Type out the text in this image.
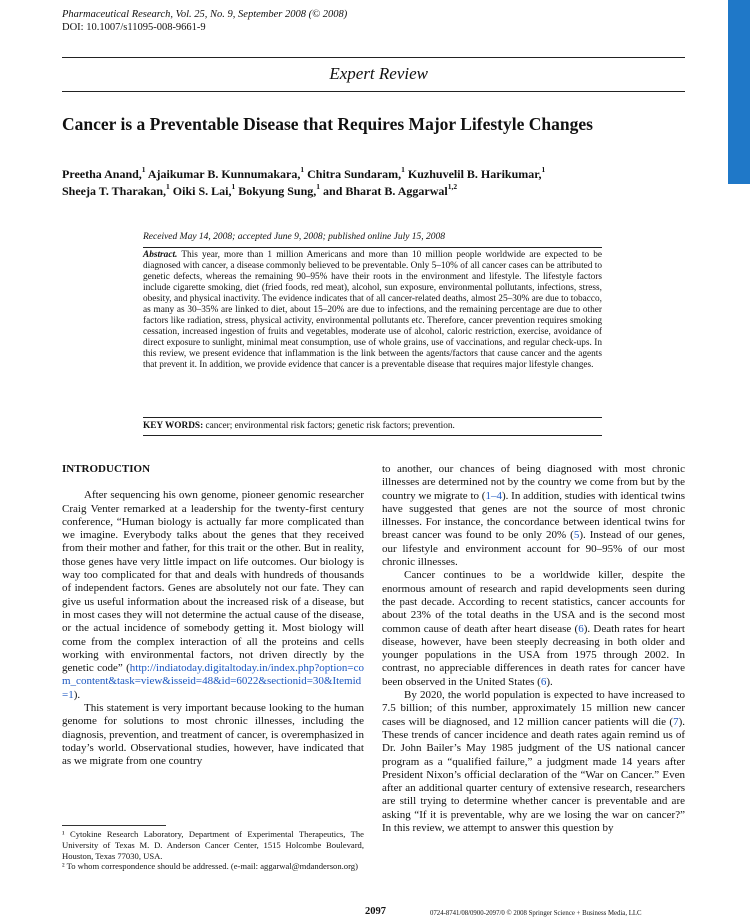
Pharmaceutical Research, Vol. 25, No. 9, September 2008 (© 2008)
DOI: 10.1007/s11095-008-9661-9
Expert Review
Cancer is a Preventable Disease that Requires Major Lifestyle Changes
Preetha Anand,$^1$ Ajaikumar B. Kunnumakara,$^1$ Chitra Sundaram,$^1$ Kuzhuvelil B. Harikumar,$^1$
Sheeja T. Tharakan,$^1$ Oiki S. Lai,$^1$ Bokyung Sung,$^1$ and Bharat B. Aggarwal$^{1,2}$
Received May 14, 2008; accepted June 9, 2008; published online July 15, 2008

Abstract. This year, more than 1 million Americans and more than 10 million people worldwide are expected to be diagnosed with cancer, a disease commonly believed to be preventable. Only 5–10% of all cancer cases can be attributed to genetic defects, whereas the remaining 90–95% have their roots in the environment and lifestyle. The lifestyle factors include cigarette smoking, diet (fried foods, red meat), alcohol, sun exposure, environmental pollutants, infections, stress, obesity, and physical inactivity. The evidence indicates that of all cancer-related deaths, almost 25–30% are due to tobacco, as many as 30–35% are linked to diet, about 15–20% are due to infections, and the remaining percentage are due to other factors like radiation, stress, physical activity, environmental pollutants etc. Therefore, cancer prevention requires smoking cessation, increased ingestion of fruits and vegetables, moderate use of alcohol, caloric restriction, exercise, avoidance of direct exposure to sunlight, minimal meat consumption, use of whole grains, use of vaccinations, and regular check-ups. In this review, we present evidence that inflammation is the link between the agents/factors that cause cancer and the agents that prevent it. In addition, we provide evidence that cancer is a preventable disease that requires major lifestyle changes.

KEY WORDS: cancer; environmental risk factors; genetic risk factors; prevention.
INTRODUCTION

After sequencing his own genome, pioneer genomic researcher Craig Venter remarked at a leadership for the twenty-first century conference, “Human biology is actually far more complicated than we imagine. Everybody talks about the genes that they received from their mother and father, for this trait or the other. But in reality, those genes have very little impact on life outcomes. Our biology is way too complicated for that and deals with hundreds of thousands of independent factors. Genes are absolutely not our fate. They can give us useful information about the increased risk of a disease, but in most cases they will not determine the actual cause of the disease, or the actual incidence of somebody getting it. Most biology will come from the complex interaction of all the proteins and cells working with environmental factors, not driven directly by the genetic code” (http://indiatoday.digitaltoday.in/index.php?option=com_content&task=view&isseid=48&id=6022&sectionid=30&Itemid=1).

This statement is very important because looking to the human genome for solutions to most chronic illnesses, including the diagnosis, prevention, and treatment of cancer, is overemphasized in today’s world. Observational studies, however, have indicated that as we migrate from one country

to another, our chances of being diagnosed with most chronic illnesses are determined not by the country we come from but by the country we migrate to (1–4). In addition, studies with identical twins have suggested that genes are not the source of most chronic illnesses. For instance, the concordance between identical twins for breast cancer was found to be only 20% (5). Instead of our genes, our lifestyle and environment account for 90–95% of our most chronic illnesses.

Cancer continues to be a worldwide killer, despite the enormous amount of research and rapid developments seen during the past decade. According to recent statistics, cancer accounts for about 23% of the total deaths in the USA and is the second most common cause of death after heart disease (6). Death rates for heart disease, however, have been steeply decreasing in both older and younger populations in the USA from 1975 through 2002. In contrast, no appreciable differences in death rates for cancer have been observed in the United States (6).

By 2020, the world population is expected to have increased to 7.5 billion; of this number, approximately 15 million new cancer cases will be diagnosed, and 12 million cancer patients will die (7). These trends of cancer incidence and death rates again remind us of Dr. John Bailer’s May 1985 judgment of the US national cancer program as a “qualified failure,” a judgment made 14 years after President Nixon’s official declaration of the “War on Cancer.” Even after an additional quarter century of extensive research, researchers are still trying to determine whether cancer is preventable and are asking “If it is preventable, why are we losing the war on cancer?” In this review, we attempt to answer this question by

¹ Cytokine Research Laboratory, Department of Experimental Therapeutics, The University of Texas M. D. Anderson Cancer Center, 1515 Holcombe Boulevard, Houston, Texas 77030, USA.

² To whom correspondence should be addressed. (e-mail: aggarwal@mdanderson.org)

2097	0724-8741/08/0900-2097/0 © 2008 Springer Science + Business Media, LLC
